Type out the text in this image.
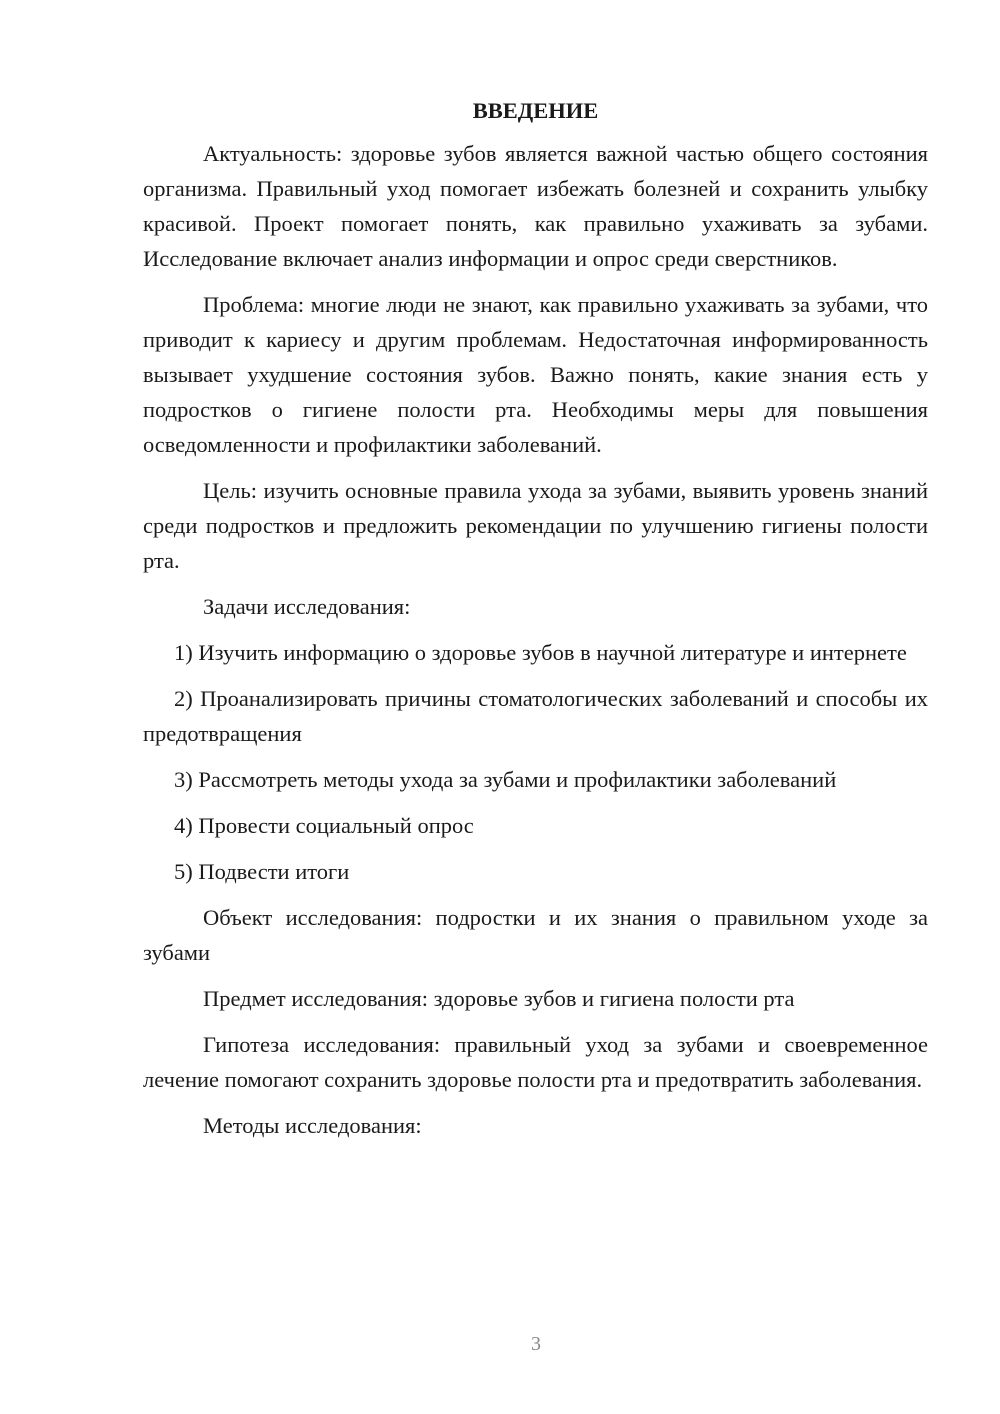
ВВЕДЕНИЕ

Актуальность: здоровье зубов является важной частью общего состояния организма. Правильный уход помогает избежать болезней и сохранить улыбку красивой. Проект помогает понять, как правильно ухаживать за зубами. Исследование включает анализ информации и опрос среди сверстников.

Проблема: многие люди не знают, как правильно ухаживать за зубами, что приводит к кариесу и другим проблемам. Недостаточная информированность вызывает ухудшение состояния зубов. Важно понять, какие знания есть у подростков о гигиене полости рта. Необходимы меры для повышения осведомленности и профилактики заболеваний.

Цель: изучить основные правила ухода за зубами, выявить уровень знаний среди подростков и предложить рекомендации по улучшению гигиены полости рта.

Задачи исследования:

1) Изучить информацию о здоровье зубов в научной литературе и интернете

2) Проанализировать причины стоматологических заболеваний и способы их предотвращения

3) Рассмотреть методы ухода за зубами и профилактики заболеваний

4) Провести социальный опрос

5) Подвести итоги

Объект исследования: подростки и их знания о правильном уходе за зубами

Предмет исследования: здоровье зубов и гигиена полости рта

Гипотеза исследования: правильный уход за зубами и своевременное лечение помогают сохранить здоровье полости рта и предотвратить заболевания.

Методы исследования:

3
